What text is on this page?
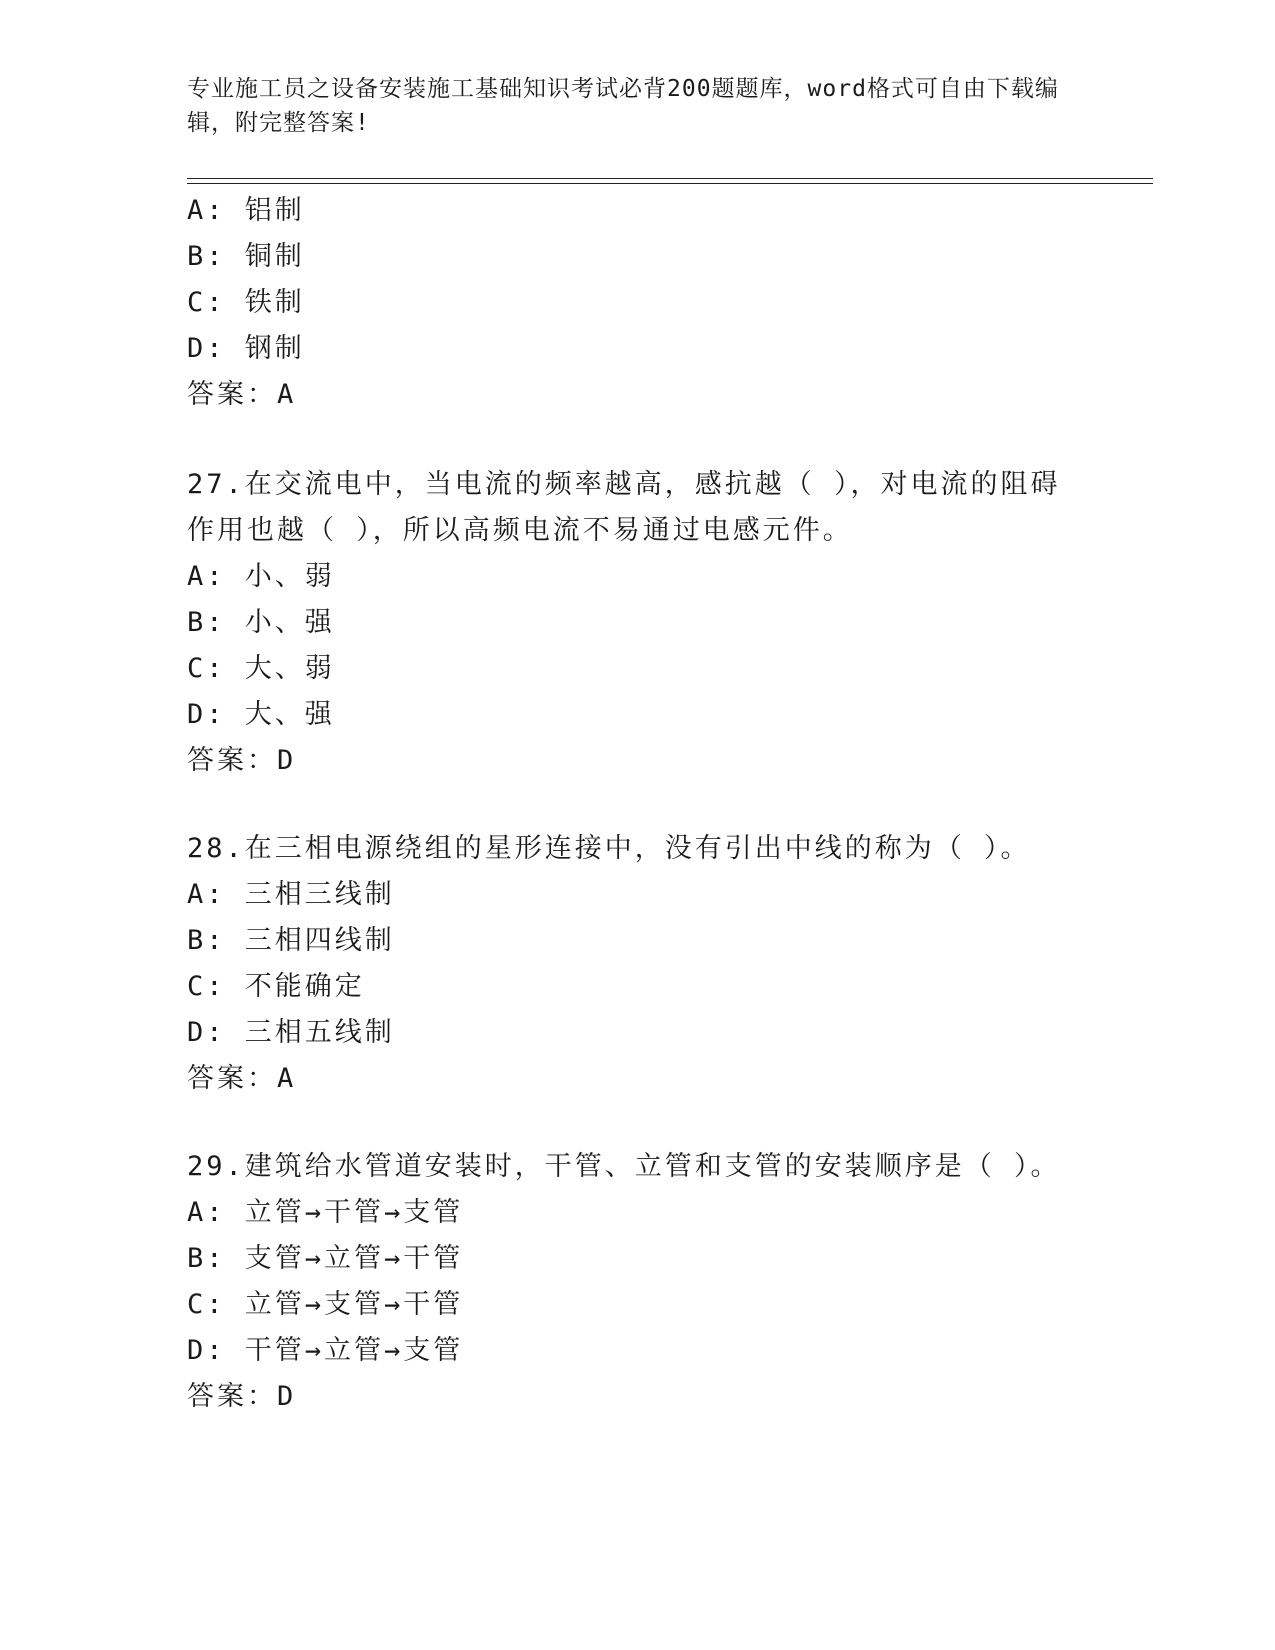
专业施工员之设备安装施工基础知识考试必背200题题库，word格式可自由下载编辑，附完整答案!
A: 铝制
B: 铜制
C: 铁制
D: 钢制
答案：A
27.在交流电中，当电流的频率越高，感抗越（ ），对电流的阻碍作用也越（ ），所以高频电流不易通过电感元件。
A: 小、弱
B: 小、强
C: 大、弱
D: 大、强
答案：D
28.在三相电源绕组的星形连接中，没有引出中线的称为（ ）。
A: 三相三线制
B: 三相四线制
C: 不能确定
D: 三相五线制
答案：A
29.建筑给水管道安装时，干管、立管和支管的安装顺序是（ ）。
A: 立管→干管→支管
B: 支管→立管→干管
C: 立管→支管→干管
D: 干管→立管→支管
答案：D
